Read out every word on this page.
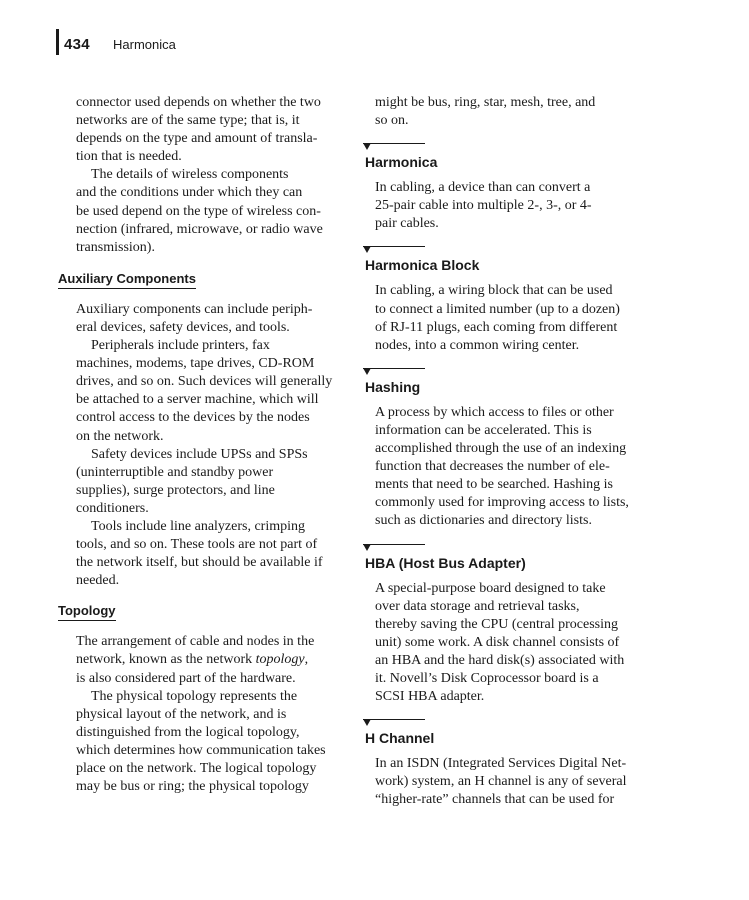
434 Harmonica

connector used depends on whether the two
networks are of the same type; that is, it
depends on the type and amount of transla-
tion that is needed.

The details of wireless components
and the conditions under which they can
be used depend on the type of wireless con-
nection (infrared, microwave, or radio wave
transmission).

Auxiliary Components

Auxiliary components can include periph-
eral devices, safety devices, and tools.

Peripherals include printers, fax
machines, modems, tape drives, CD-ROM
drives, and so on. Such devices will generally
be attached to a server machine, which will
control access to the devices by the nodes
on the network.

Safety devices include UPSs and SPSs
(uninterruptible and standby power
supplies), surge protectors, and line
conditioners.

Tools include line analyzers, crimping
tools, and so on. These tools are not part of
the network itself, but should be available if
needed.

Topology

The arrangement of cable and nodes in the
network, known as the network topology,
is also considered part of the hardware.

The physical topology represents the
physical layout of the network, and is
distinguished from the logical topology,
which determines how communication takes
place on the network. The logical topology
may be bus or ring; the physical topology

might be bus, ring, star, mesh, tree, and
so on.

Harmonica

In cabling, a device than can convert a
25-pair cable into multiple 2-, 3-, or 4-
pair cables.

Harmonica Block

In cabling, a wiring block that can be used
to connect a limited number (up to a dozen)
of RJ-11 plugs, each coming from different
nodes, into a common wiring center.

Hashing

A process by which access to files or other
information can be accelerated. This is
accomplished through the use of an indexing
function that decreases the number of ele-
ments that need to be searched. Hashing is
commonly used for improving access to lists,
such as dictionaries and directory lists.

HBA (Host Bus Adapter)

A special-purpose board designed to take
over data storage and retrieval tasks,
thereby saving the CPU (central processing
unit) some work. A disk channel consists of
an HBA and the hard disk(s) associated with
it. Novell’s Disk Coprocessor board is a
SCSI HBA adapter.

H Channel

In an ISDN (Integrated Services Digital Net-
work) system, an H channel is any of several
“higher-rate” channels that can be used for
